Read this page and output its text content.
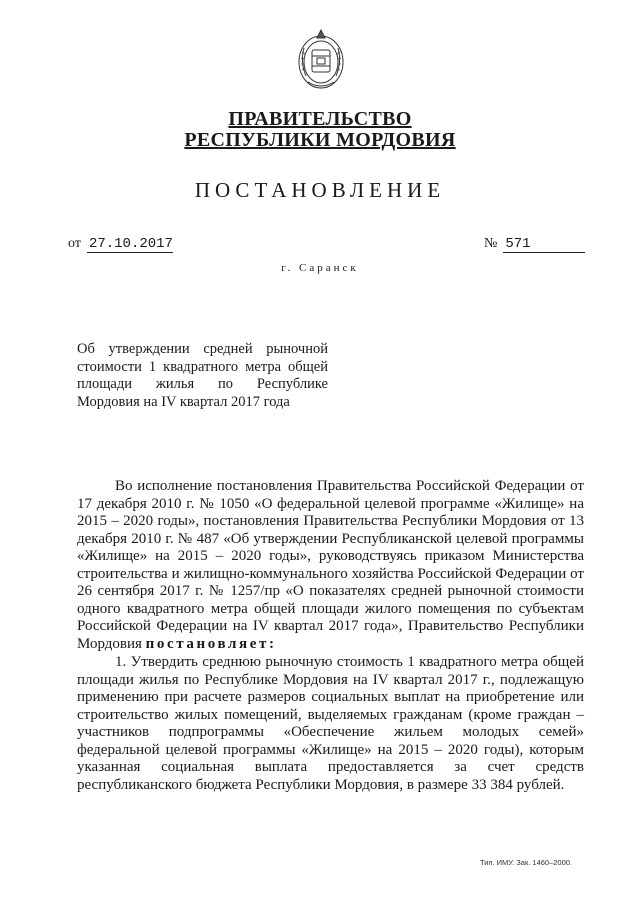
ПРАВИТЕЛЬСТВО
РЕСПУБЛИКИ МОРДОВИЯ
ПОСТАНОВЛЕНИЕ
от 27.10.2017	№ 571
г. Саранск
Об утверждении средней рыночной стоимости 1 квадратного метра общей площади жилья по Республике Мордовия на IV квартал 2017 года
Во исполнение постановления Правительства Российской Федерации от 17 декабря 2010 г. № 1050 «О федеральной целевой программе «Жилище» на 2015 – 2020 годы», постановления Правительства Республики Мордовия от 13 декабря 2010 г. № 487 «Об утверждении Республиканской целевой программы «Жилище» на 2015 – 2020 годы», руководствуясь приказом Министерства строительства и жилищно-коммунального хозяйства Российской Федерации от 26 сентября 2017 г. № 1257/пр «О показателях средней рыночной стоимости одного квадратного метра общей площади жилого помещения по субъектам Российской Федерации на IV квартал 2017 года», Правительство Республики Мордовия постановляет:
1. Утвердить среднюю рыночную стоимость 1 квадратного метра общей площади жилья по Республике Мордовия на IV квартал 2017 г., подлежащую применению при расчете размеров социальных выплат на приобретение или строительство жилых помещений, выделяемых гражданам (кроме граждан – участников подпрограммы «Обеспечение жильем молодых семей» федеральной целевой программы «Жилище» на 2015 – 2020 годы), которым указанная социальная выплата предоставляется за счет средств республиканского бюджета Республики Мордовия, в размере 33 384 рублей.
Тип. ИМУ. Зак. 1460–2000.
